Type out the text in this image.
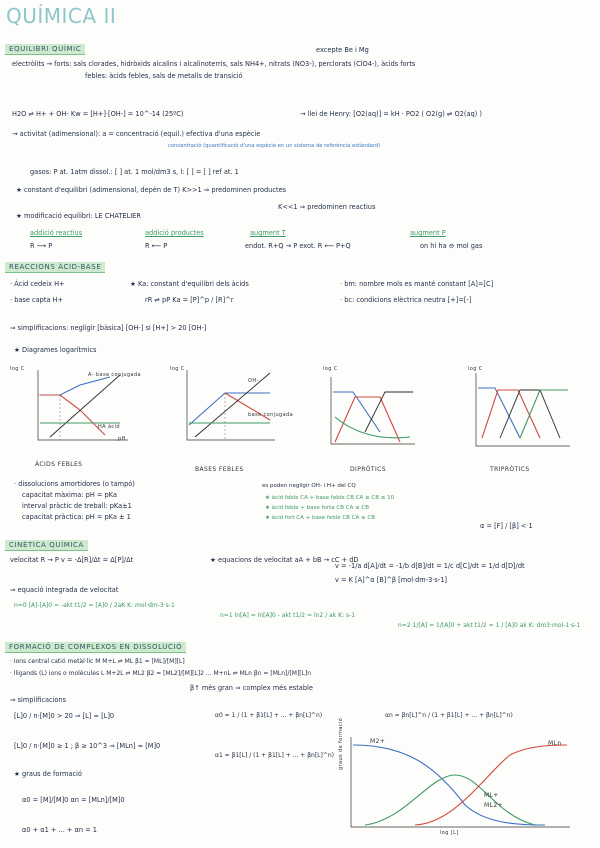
QUÍMICA II
EQUILIBRI QUÍMIC	excepte Be i Mg
electròlits → forts: sals clorades, hidròxids alcalins i alcalinoterris, sals NH4+, nitrats (NO3-), perclorats (ClO4-), àcids forts
febles: àcids febles, sals de metalls de transició
H2O ⇌ H+ + OH- Kw = [H+]·[OH-] = 10^-14 (25ºC)	→ llei de Henry: [O2(aq)] = kH · PO2 ( O2(g) ⇌ O2(aq) )
→ activitat (adimensional): a = concentració (equil.) efectiva d'una espècie
concentració (quantificació d'una espècie en un sistema de referència estàndard)
gasos: P at. 1atm dissol.: [ ] at. 1 mol/dm3 s, l: [ ] = [ ] ref at. 1
★ constant d'equilibri (adimensional, depèn de T) K>>1 ⇒ predominen productes
K<<1 ⇒ predominen reactius
★ modificació equilibri: LE CHATELIER
addició reactius	addició productes	augment T	augment P
R ⟶ P	R ⟵ P	endot. R+Q → P exot. R ⟵ P+Q	on hi ha ⊖ mol gas
REACCIONS ÀCID-BASE
· Àcid cedeix H+
· base capta H+
★ Ka: constant d'equilibri dels àcids
rR ⇌ pP Ka = [P]^p / [R]^r
· bm: nombre mols es manté constant [A]=[C]
· bc: condicions elèctrica neutra [+]=[-]
⇒ simplificacions: negligir [bàsica] [OH-] si [H+] > 20 [OH-]
★ Diagrames logarítmics
log C
A- base conjugada
HA àcid
pH
ÀCIDS FEBLES
log C
OH-
base conjugada
BASES FEBLES
log C
DIPRÒTICS
log C
TRIPRÒTICS
· dissolucions amortidores (o tampó)
capacitat màxima: pH = pKa
interval pràctic de treball: pKa±1
capacitat pràctica: pH = pKa ± 1
es poden negligir OH- i H+ del CQ
★ àcid feble CA + base feble CB CA ≥ CB ≤ 10
★ àcid feble + base forta CB CA ≤ CB
★ àcid fort CA + base feble CB CA ≥ CB
α = [F] / [β] < 1
CINÈTICA QUÍMICA
velocitat R → P v = -Δ[R]/Δt = Δ[P]/Δt	★ equacions de velocitat aA + bB → cC + dD
v = -1/a d[A]/dt = -1/b d[B]/dt = 1/c d[C]/dt = 1/d d[D]/dt
v = K [A]^α [B]^β [mol·dm-3·s-1]
⇒ equació integrada de velocitat
n=0 [A]-[A]0 = -akt t1/2 = [A]0 / 2aK K: mol·dm-3·s-1
n=1 ln[A] = ln[A]0 - akt t1/2 = ln2 / ak K: s-1
n=2 1/[A] = 1/[A]0 + akt t1/2 = 1 / [A]0 ak K: dm3·mol-1·s-1
FORMACIÓ DE COMPLEXOS EN DISSOLUCIÓ
· Ions central catió metàl·lic M M+L ⇌ ML β1 = [ML]/[M][L]
· lligands (L) ions o molècules L M+2L ⇌ ML2 β2 = [ML2]/[M][L]2 ... M+nL ⇌ MLn βn = [MLn]/[M][L]n
β↑ més gran ⇒ complex més estable
⇒ simplificacions
[L]0 / n·[M]0 > 20 ⇒ [L] ≈ [L]0
[L]0 / n·[M]0 ≥ 1 ; β ≥ 10^3 ⇒ [MLn] ≈ [M]0
★ graus de formació
α0 = [M]/[M]0 αn = [MLn]/[M]0
α0 + α1 + ... + αn = 1
α0 = 1 / (1 + β1[L] + ... + βn[L]^n)	αn = βn[L]^n / (1 + β1[L] + ... + βn[L]^n)
α1 = β1[L] / (1 + β1[L] + ... + βn[L]^n) graus de formació
log [L]
M2+
ML+
ML2+
MLn
